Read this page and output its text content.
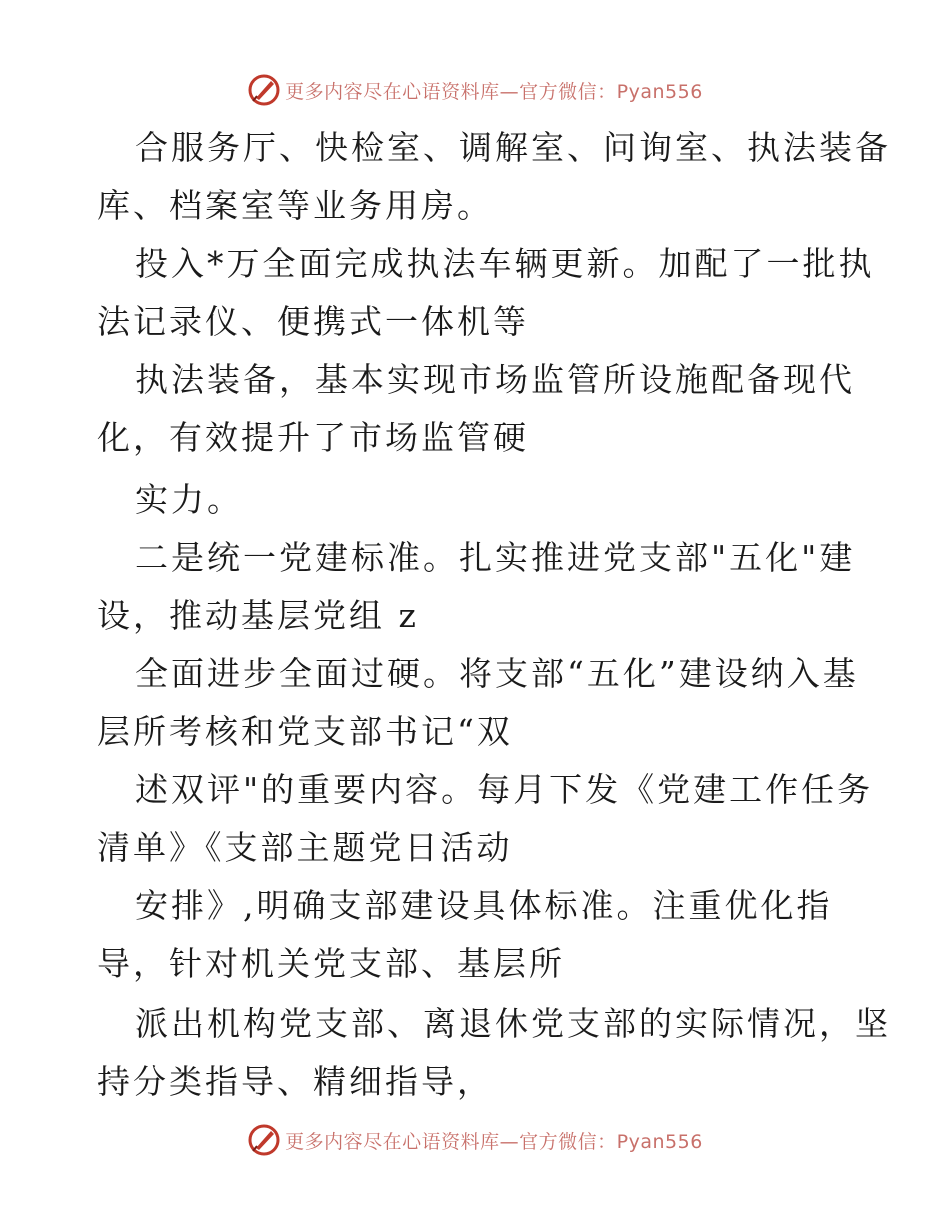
更多内容尽在心语资料库—官方微信：Pyan556
合服务厅、快检室、调解室、问询室、执法装备
库、档案室等业务用房。
投入*万全面完成执法车辆更新。加配了一批执
法记录仪、便携式一体机等
执法装备，基本实现市场监管所设施配备现代
化，有效提升了市场监管硬
实力。
二是统一党建标准。扎实推进党支部"五化"建
设，推动基层党组 z
全面进步全面过硬。将支部“五化”建设纳入基
层所考核和党支部书记“双
述双评"的重要内容。每月下发《党建工作任务
清单》《支部主题党日活动
安排》,明确支部建设具体标准。注重优化指
导，针对机关党支部、基层所
派出机构党支部、离退休党支部的实际情况，坚
持分类指导、精细指导，
更多内容尽在心语资料库—官方微信：Pyan556
